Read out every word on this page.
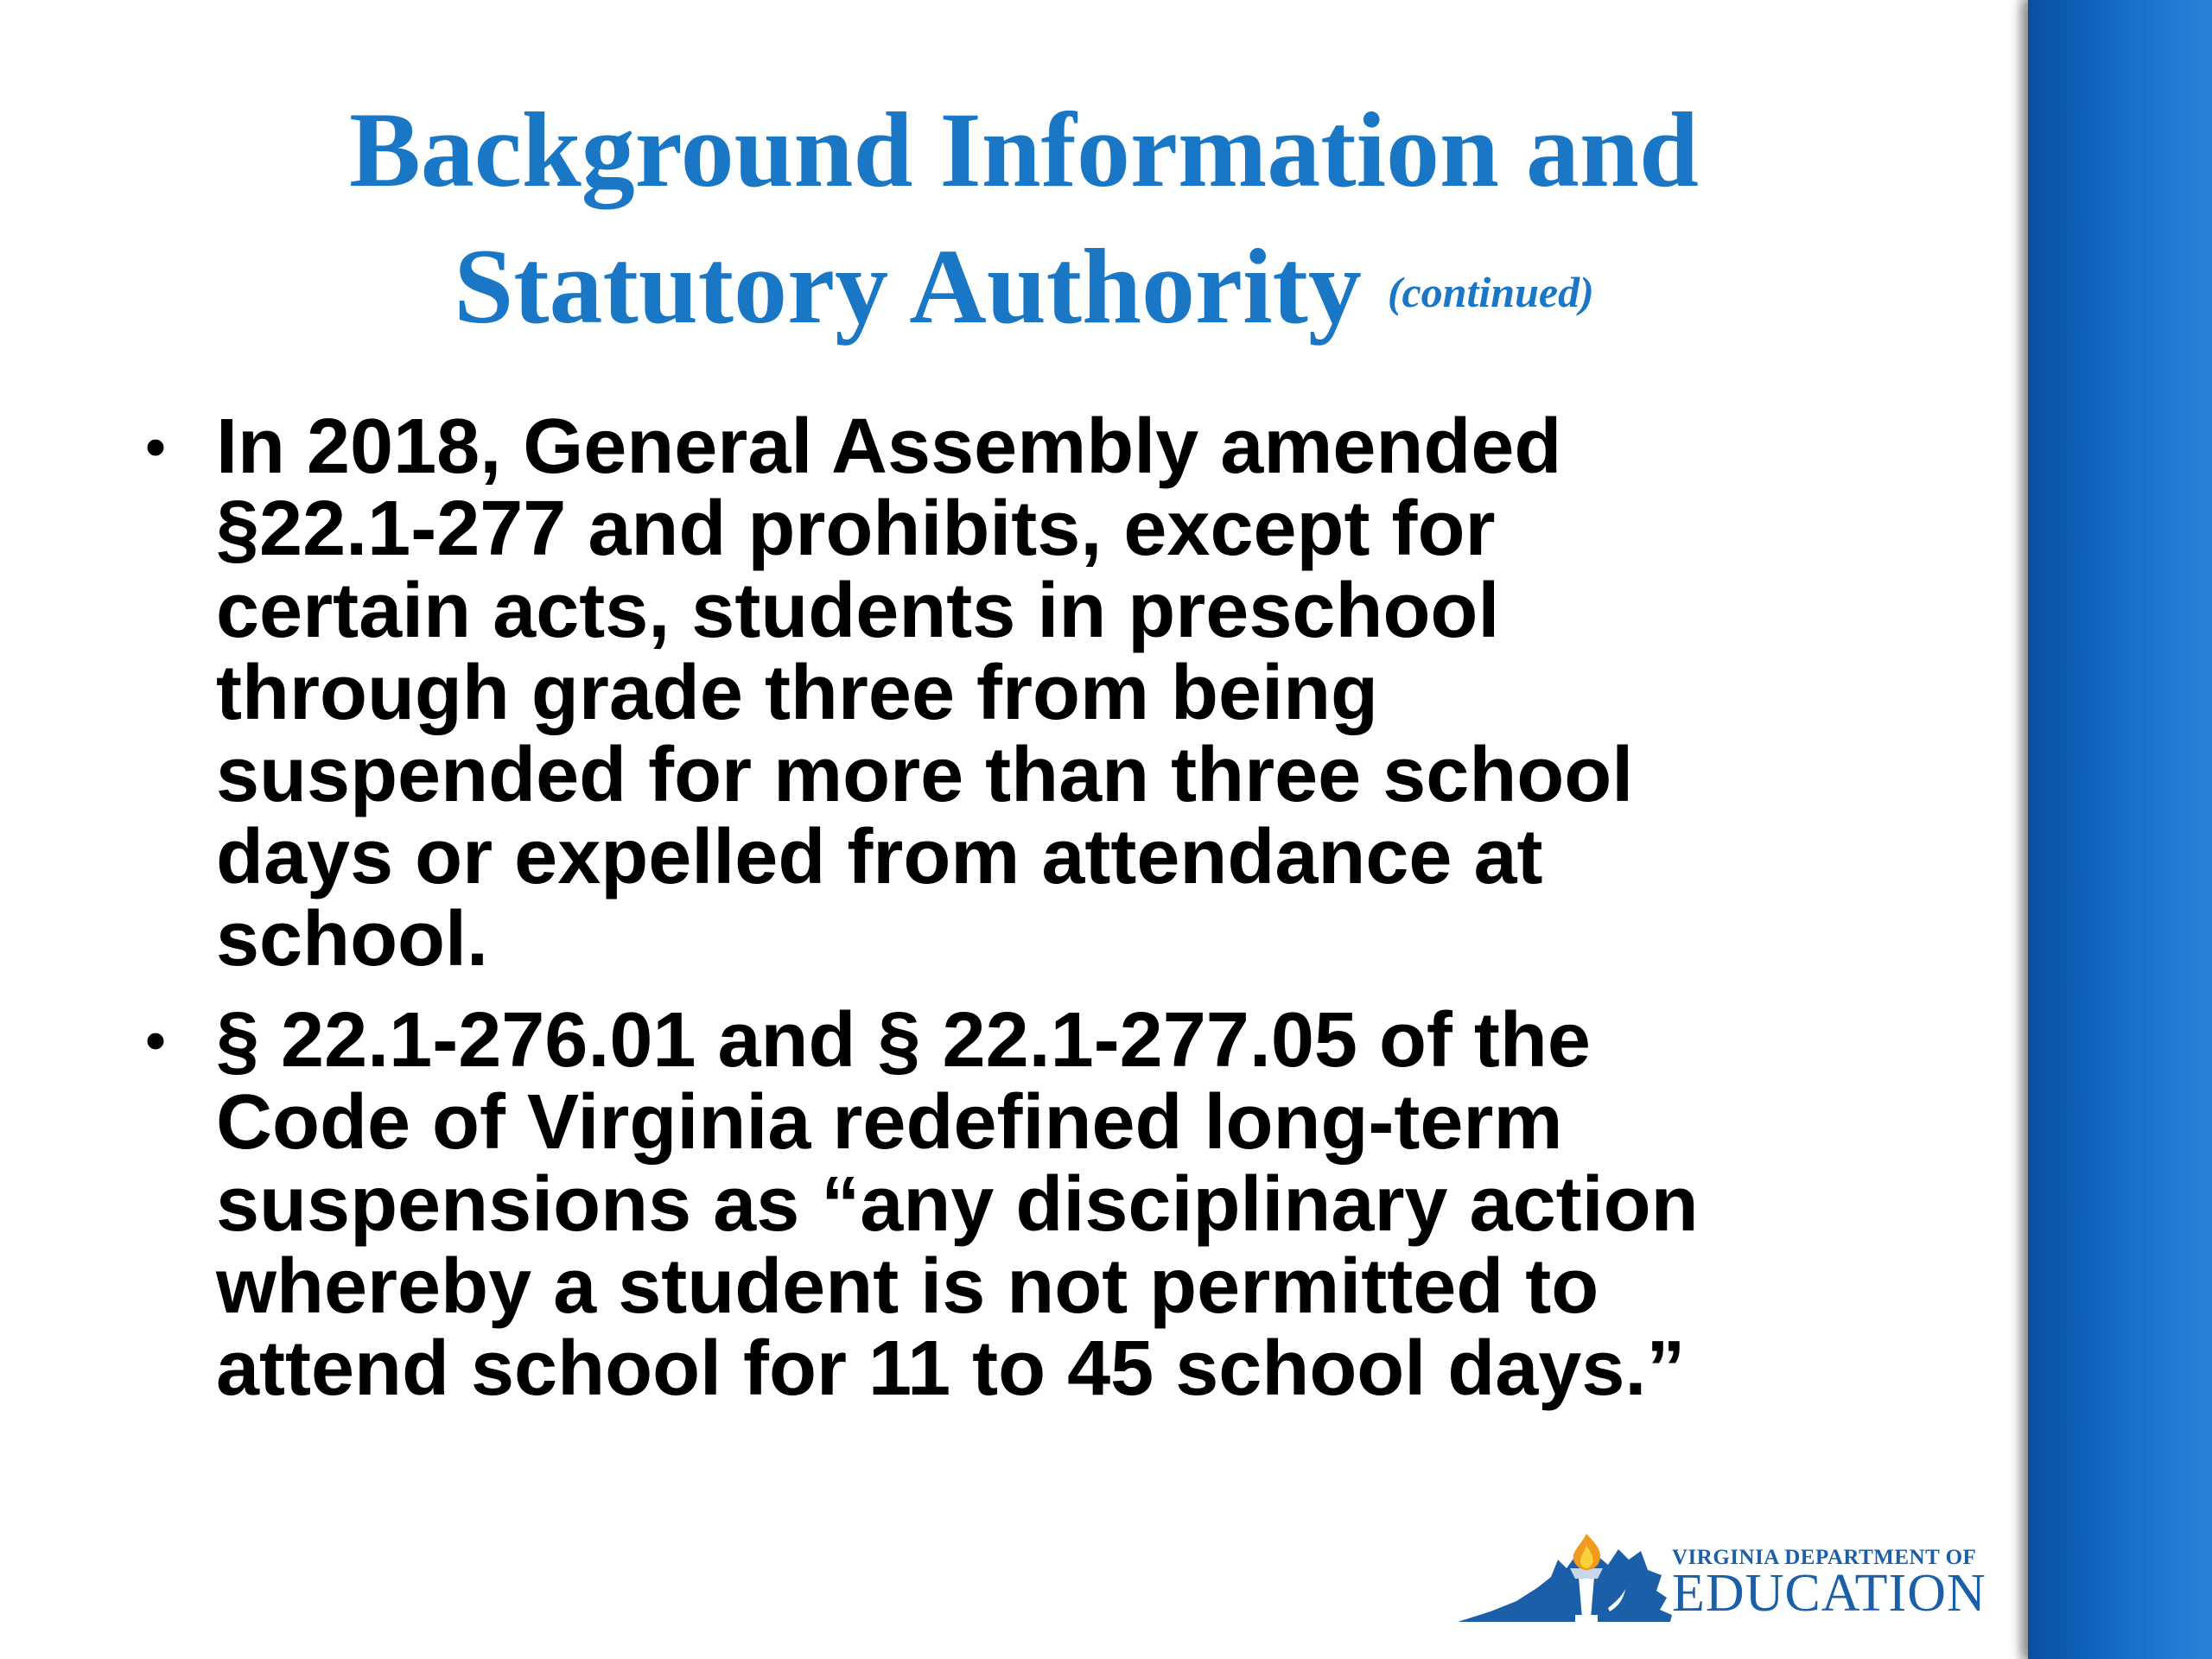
Background Information and
Statutory Authority (continued)
• In 2018, General Assembly amended
§22.1-277 and prohibits, except for
certain acts, students in preschool
through grade three from being
suspended for more than three school
days or expelled from attendance at
school.
• § 22.1-276.01 and § 22.1-277.05 of the
Code of Virginia redefined long-term
suspensions as “any disciplinary action
whereby a student is not permitted to
attend school for 11 to 45 school days.”
VIRGINIA DEPARTMENT OF
EDUCATION
